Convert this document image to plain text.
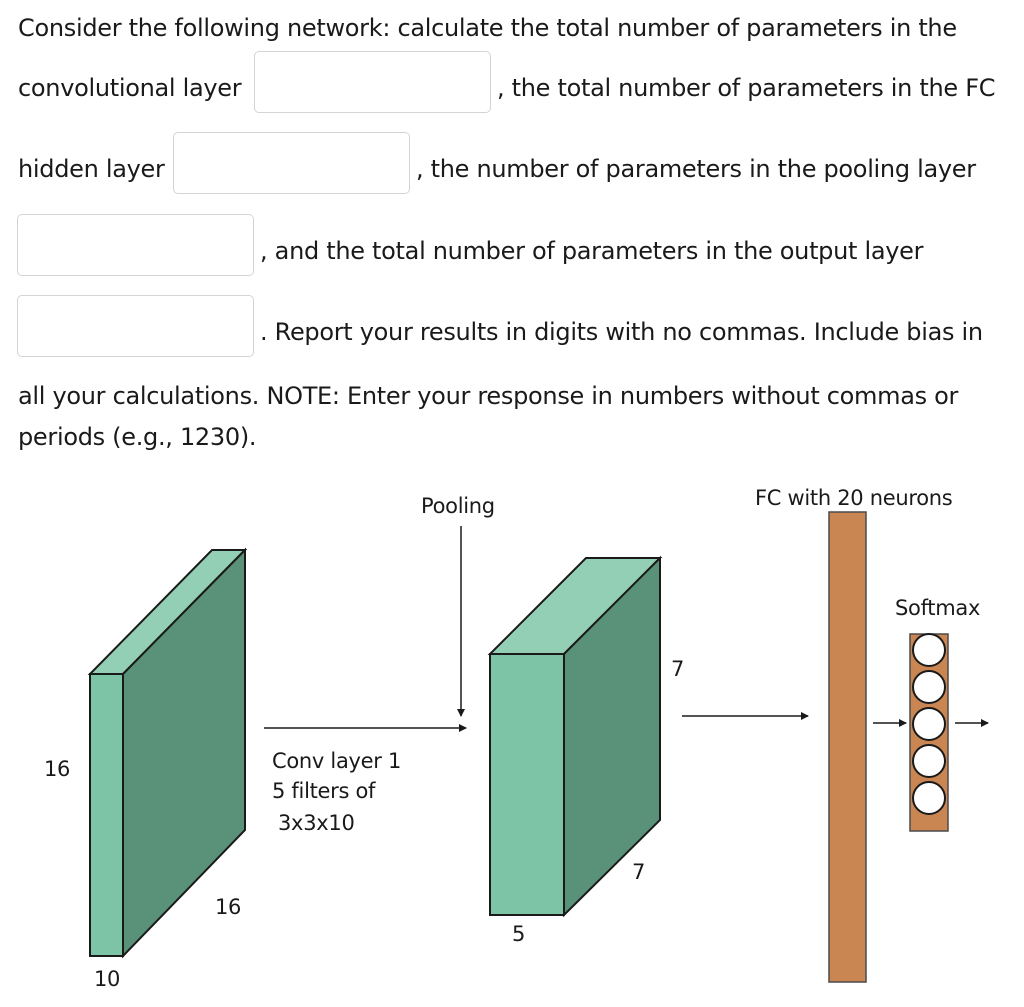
Consider the following network: calculate the total number of parameters in the
convolutional layer	, the total number of parameters in the FC
hidden layer	, the number of parameters in the pooling layer
, and the total number of parameters in the output layer
. Report your results in digits with no commas. Include bias in
all your calculations. NOTE: Enter your response in numbers without commas or
periods (e.g., 1230).
16
16
10
Conv layer 1
5 filters of
3x3x10
Pooling
7
7
5
FC with 20 neurons
Softmax
